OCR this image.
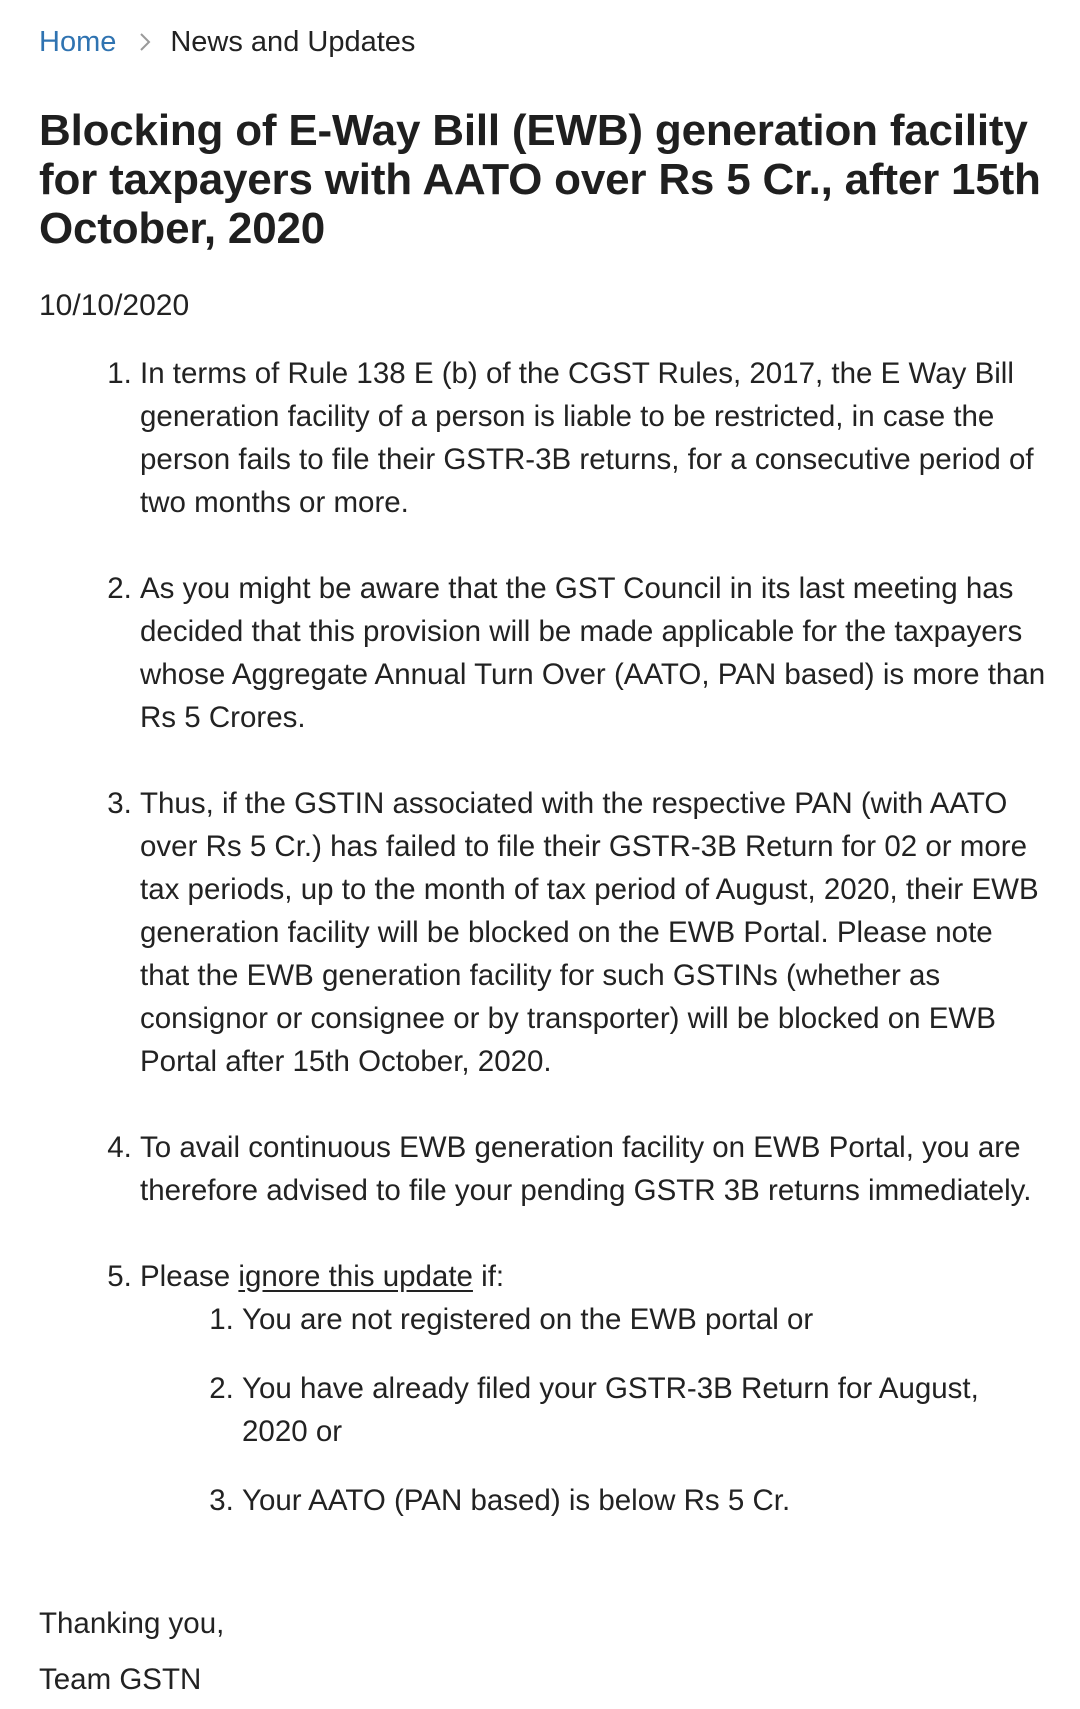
Home News and Updates
Blocking of E-Way Bill (EWB) generation facility for taxpayers with AATO over Rs 5 Cr., after 15th October, 2020
10/10/2020
1. In terms of Rule 138 E (b) of the CGST Rules, 2017, the E Way Bill generation facility of a person is liable to be restricted, in case the person fails to file their GSTR-3B returns, for a consecutive period of two months or more.
2. As you might be aware that the GST Council in its last meeting has decided that this provision will be made applicable for the taxpayers whose Aggregate Annual Turn Over (AATO, PAN based) is more than Rs 5 Crores.
3. Thus, if the GSTIN associated with the respective PAN (with AATO over Rs 5 Cr.) has failed to file their GSTR-3B Return for 02 or more tax periods, up to the month of tax period of August, 2020, their EWB generation facility will be blocked on the EWB Portal. Please note that the EWB generation facility for such GSTINs (whether as consignor or consignee or by transporter) will be blocked on EWB Portal after 15th October, 2020.
4. To avail continuous EWB generation facility on EWB Portal, you are therefore advised to file your pending GSTR 3B returns immediately.
5. Please ignore this update if:
1. You are not registered on the EWB portal or
2. You have already filed your GSTR-3B Return for August, 2020 or
3. Your AATO (PAN based) is below Rs 5 Cr.
Thanking you,
Team GSTN
